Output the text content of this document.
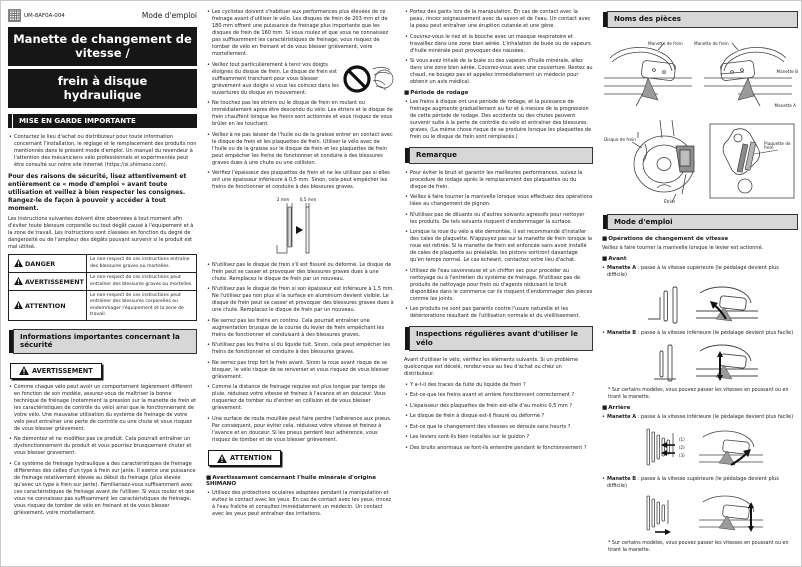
UM-8AF0A-004	Mode d'emploi
Manette de changement de vitesse /
frein à disque hydraulique
MISE EN GARDE IMPORTANTE
• Contactez le lieu d'achat ou distributeur pour toute information concernant l'installation, le réglage et le remplacement des produits non mentionnés dans le présent mode d'emploi. Un manuel du revendeur à l'attention des mécaniciens vélo professionnels et expérimentés peut être consulté sur notre site Internet (https://si.shimano.com).

Pour des raisons de sécurité, lisez attentivement et entièrement ce « mode d'emploi » avant toute utilisation et veillez à bien respecter les consignes. Rangez-le de façon à pouvoir y accéder à tout moment.

Les instructions suivantes doivent être observées à tout moment afin d'éviter toute blessure corporelle ou tout dégât causé à l'équipement et à la zone de travail. Les instructions sont classées en fonction du degré de dangerosité ou de l'ampleur des dégâts pouvant survenir si le produit est mal utilisé.

DANGER	Le non-respect de ces instructions entraîne des blessures graves ou mortelles.
AVERTISSEMENT	Le non-respect de ces instructions peut entraîner des blessures graves ou mortelles.
ATTENTION	Le non-respect de ces instructions peut entraîner des blessures corporelles ou endommager l'équipement et la zone de travail.
Informations importantes concernant la sécurité
AVERTISSEMENT
• Comme chaque vélo peut avoir un comportement légèrement différent en fonction de son modèle, assurez-vous de maîtriser la bonne technique de freinage (notamment la pression sur la manette de frein et les caractéristiques de contrôle du vélo) ainsi que le fonctionnement de votre vélo. Une mauvaise utilisation du système de freinage de votre vélo peut entraîner une perte de contrôle ou une chute et vous risquez de vous blesser grièvement.
• Ne démontez et ne modifiez pas ce produit. Cela pourrait entraîner un dysfonctionnement du produit et vous pourriez brusquement chuter et vous blesser gravement.
• Ce système de freinage hydraulique a des caractéristiques de freinage différentes des celles d'un type à frein sur jante. Il exerce une puissance de freinage relativement élevée au début du freinage (plus élevée qu'avec un type à frein sur jante). Familiarisez-vous suffisamment avec ces caractéristiques de freinage avant de l'utiliser. Si vous roulez et que vous ne connaissez pas suffisamment les caractéristiques de freinage, vous risquez de tomber de vélo en freinant et de vous blesser grièvement, voire mortellement.
• Les cyclistes doivent s'habituer aux performances plus élevées de ce freinage avant d'utiliser le vélo. Les disques de frein de 203 mm et de 180 mm offrent une puissance de freinage plus importante que les disques de frein de 160 mm. Si vous roulez et que vous ne connaissez pas suffisamment les caractéristiques de freinage, vous risquez de tomber de vélo en freinant et de vous blesser grièvement, voire mortellement.
• Veillez tout particulièrement à tenir vos doigts éloignés du disque de frein. Le disque de frein est suffisamment tranchant pour vous blesser grièvement aux doigts si vous les coincez dans les ouvertures du disque en mouvement.
• Ne touchez pas les étriers ou le disque de frein en roulant ou immédiatement après être descendu du vélo. Les étriers et le disque de frein chauffent lorsque les freins sont actionnés et vous risquez de vous brûler en les touchant.
• Veillez à ne pas laisser de l'huile ou de la graisse entrer en contact avec le disque de frein et les plaquettes de frein. Utiliser le vélo avec de l'huile ou de la graisse sur le disque de frein et les plaquettes de frein peut empêcher les freins de fonctionner et conduire à des blessures graves dues à une chute ou une collision.
• Vérifiez l'épaisseur des plaquettes de frein et ne les utilisez pas si elles ont une épaisseur inférieure à 0,5 mm. Sinon, cela peut empêcher les freins de fonctionner et conduire à des blessures graves.
2 mm 0,5 mm
• N'utilisez pas le disque de frein s'il est fissuré ou déformé. Le disque de frein peut se casser et provoquer des blessures graves dues à une chute. Remplacez le disque de frein par un nouveau.
• N'utilisez pas le disque de frein si son épaisseur est inférieure à 1,5 mm. Ne l'utilisez pas non plus si la surface en aluminium devient visible. Le disque de frein peut se casser et provoquer des blessures graves dues à une chute. Remplacez le disque de frein par un nouveau.
• Ne serrez pas les freins en continu. Cela pourrait entraîner une augmentation brusque de la course du levier de frein empêchant les freins de fonctionner et conduisant à des blessures graves.
• N'utilisez pas les freins si du liquide fuit. Sinon, cela peut empêcher les freins de fonctionner et conduire à des blessures graves.
• Ne serrez pas trop fort le frein avant. Sinon la roue avant risque de se bloquer, le vélo risque de se renverser et vous risquez de vous blesser grièvement.
• Comme la distance de freinage requise est plus longue par temps de pluie, réduisez votre vitesse et freinez à l'avance et en douceur. Vous risqueriez de tomber ou d'entrer en collision et de vous blesser grièvement.
• Une surface de route mouillée peut faire perdre l'adhérence aux pneus. Par conséquent, pour éviter cela, réduisez votre vitesse et freinez à l'avance et en douceur. Si les pneus perdent leur adhérence, vous risquez de tomber et de vous blesser grièvement.
ATTENTION
■ Avertissement concernant l'huile minérale d'origine SHIMANO
• Utilisez des protections oculaires adaptées pendant la manipulation et évitez le contact avec les yeux. En cas de contact avec les yeux, rincez à l'eau fraîche et consultez immédiatement un médecin. Un contact avec les yeux peut entraîner des irritations.
• Portez des gants lors de la manipulation. En cas de contact avec la peau, rincez soigneusement avec du savon et de l'eau. Un contact avec la peau peut entraîner une éruption cutanée et une gêne.
• Couvrez-vous le nez et la bouche avec un masque respiratoire et travaillez dans une zone bien aérée. L'inhalation de buée ou de vapeurs d'huile minérale peut provoquer des nausées.
• Si vous avez inhalé de la buée ou des vapeurs d'huile minérale, allez dans une zone bien aérée. Couvrez-vous avec une couverture. Restez au chaud, ne bougez pas et appelez immédiatement un médecin pour obtenir un avis médical.
■ Période de rodage
• Les freins à disque ont une période de rodage, et la puissance de freinage augmente graduellement au fur et à mesure de la progression de cette période de rodage. Des accidents ou des chutes peuvent survenir suite à la perte de contrôle du vélo et entraîner des blessures graves. (La même chose risque de se produire lorsque les plaquettes de frein ou le disque de frein sont remplacés.)
Remarque
• Pour éviter le bruit et garantir les meilleures performances, suivez la procédure de rodage après le remplacement des plaquettes ou du disque de frein.
• Veillez à faire tourner la manivelle lorsque vous effectuez des opérations liées au changement de pignon.
• N'utilisez pas de diluants ou d'autres solvants agressifs pour nettoyer les produits. De tels solvants risquent d'endommager la surface.
• Lorsque la roue du vélo a été démontée, il est recommandé d'installer des cales de plaquette. N'appuyez pas sur la manette de frein lorsque la roue est retirée. Si la manette de frein est enfoncée sans avoir installé de cales de plaquette au préalable, les pistons sortiront davantage qu'en temps normal. Le cas échéant, contactez votre lieu d'achat.
• Utilisez de l'eau savonneuse et un chiffon sec pour procéder au nettoyage ou à l'entretien du système de freinage. N'utilisez pas de produits de nettoyage pour frein ou d'agents réduisant le bruit disponibles dans le commerce car ils risquent d'endommager des pièces comme les joints.
• Les produits ne sont pas garantis contre l'usure naturelle et les détériorations résultant de l'utilisation normale et du vieillissement.
Inspections régulières avant d'utiliser le vélo

Avant d'utiliser le vélo, vérifiez les éléments suivants. Si un problème quelconque est décelé, rendez-vous au lieu d'achat ou chez un distributeur.

• Y a-t-il des traces de fuite du liquide de frein ?
• Est-ce-que les freins avant et arrière fonctionnent correctement ?
• L'épaisseur des plaquettes de frein est-elle d'au moins 0,5 mm ?
• Le disque de frein à disque est-il fissuré ou déformé ?
• Est-ce que le changement des vitesses se déroule sans heurts ?
• Les leviers sont-ils bien installés sur le guidon ?
• Des bruits anormaux se font-ils entendre pendant le fonctionnement ?
Noms des pièces
Manette de frein	Manette de frein
Manette B
Manette A
Disque de frein
Étrier
Plaquette de frein
Mode d'emploi
■ Opérations de changement de vitesse

Veillez à faire tourner la manivelle lorsque le levier est actionné.

■ Avant
• Manette A : passe à la vitesse supérieure (le pédalage devient plus difficile)
• Manette B : passe à la vitesse inférieure (le pédalage devient plus facile)
* Sur certains modèles, vous pouvez passer les vitesses en poussant ou en tirant la manette.
■ Arrière
• Manette A : passe à la vitesse inférieure (le pédalage devient plus facile)
(1)
(2)
(3)
• Manette B : passe à la vitesse supérieure (le pédalage devient plus difficile)
* Sur certains modèles, vous pouvez passer les vitesses en poussant ou en tirant la manette.
